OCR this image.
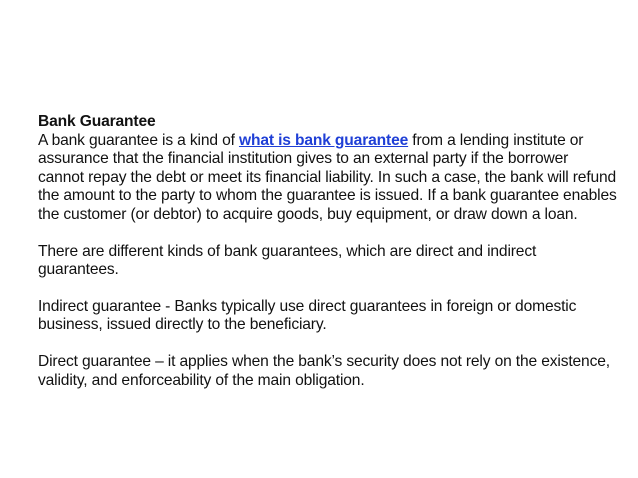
Bank Guarantee

A bank guarantee is a kind of what is bank guarantee from a lending institute or assurance that the financial institution gives to an external party if the borrower cannot repay the debt or meet its financial liability. In such a case, the bank will refund the amount to the party to whom the guarantee is issued. If a bank guarantee enables the customer (or debtor) to acquire goods, buy equipment, or draw down a loan.

There are different kinds of bank guarantees, which are direct and indirect guarantees.

Indirect guarantee - Banks typically use direct guarantees in foreign or domestic business, issued directly to the beneficiary.

Direct guarantee – it applies when the bank’s security does not rely on the existence, validity, and enforceability of the main obligation.
